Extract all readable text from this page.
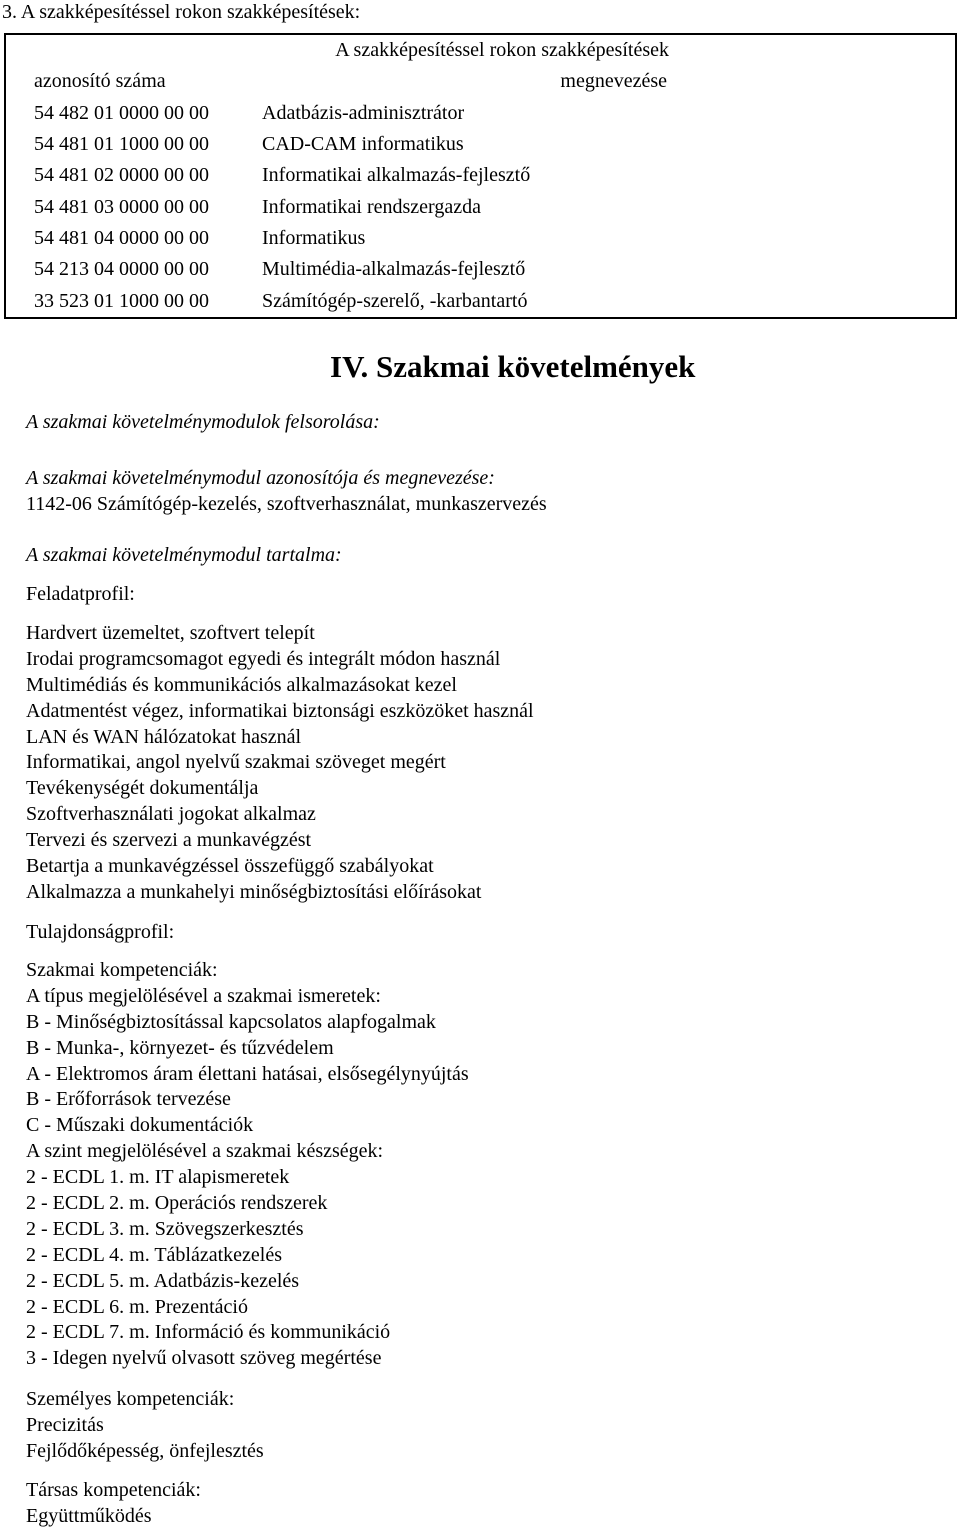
3. A szakképesítéssel rokon szakképesítések:
A szakképesítéssel rokon szakképesítések	
azonosító száma	megnevezése
54 482 01 0000 00 00	Adatbázis-adminisztrátor
54 481 01 1000 00 00	CAD-CAM informatikus
54 481 02 0000 00 00	Informatikai alkalmazás-fejlesztő
54 481 03 0000 00 00	Informatikai rendszergazda
54 481 04 0000 00 00	Informatikus
54 213 04 0000 00 00	Multimédia-alkalmazás-fejlesztő
33 523 01 1000 00 00	Számítógép-szerelő, -karbantartó
IV. Szakmai követelmények
A szakmai követelménymodulok felsorolása:
A szakmai követelménymodul azonosítója és megnevezése:
1142-06 Számítógép-kezelés, szoftverhasználat, munkaszervezés
A szakmai követelménymodul tartalma:
Feladatprofil:
Hardvert üzemeltet, szoftvert telepít
Irodai programcsomagot egyedi és integrált módon használ
Multimédiás és kommunikációs alkalmazásokat kezel
Adatmentést végez, informatikai biztonsági eszközöket használ
LAN és WAN hálózatokat használ
Informatikai, angol nyelvű szakmai szöveget megért
Tevékenységét dokumentálja
Szoftverhasználati jogokat alkalmaz
Tervezi és szervezi a munkavégzést
Betartja a munkavégzéssel összefüggő szabályokat
Alkalmazza a munkahelyi minőségbiztosítási előírásokat
Tulajdonságprofil:
Szakmai kompetenciák:
A típus megjelölésével a szakmai ismeretek:
B - Minőségbiztosítással kapcsolatos alapfogalmak
B - Munka-, környezet- és tűzvédelem
A - Elektromos áram élettani hatásai, elsősegélynyújtás
B - Erőforrások tervezése
C - Műszaki dokumentációk
A szint megjelölésével a szakmai készségek:
2 - ECDL 1. m. IT alapismeretek
2 - ECDL 2. m. Operációs rendszerek
2 - ECDL 3. m. Szövegszerkesztés
2 - ECDL 4. m. Táblázatkezelés
2 - ECDL 5. m. Adatbázis-kezelés
2 - ECDL 6. m. Prezentáció
2 - ECDL 7. m. Információ és kommunikáció
3 - Idegen nyelvű olvasott szöveg megértése
Személyes kompetenciák:
Precizitás
Fejlődőképesség, önfejlesztés
Társas kompetenciák:
Együttműködés
